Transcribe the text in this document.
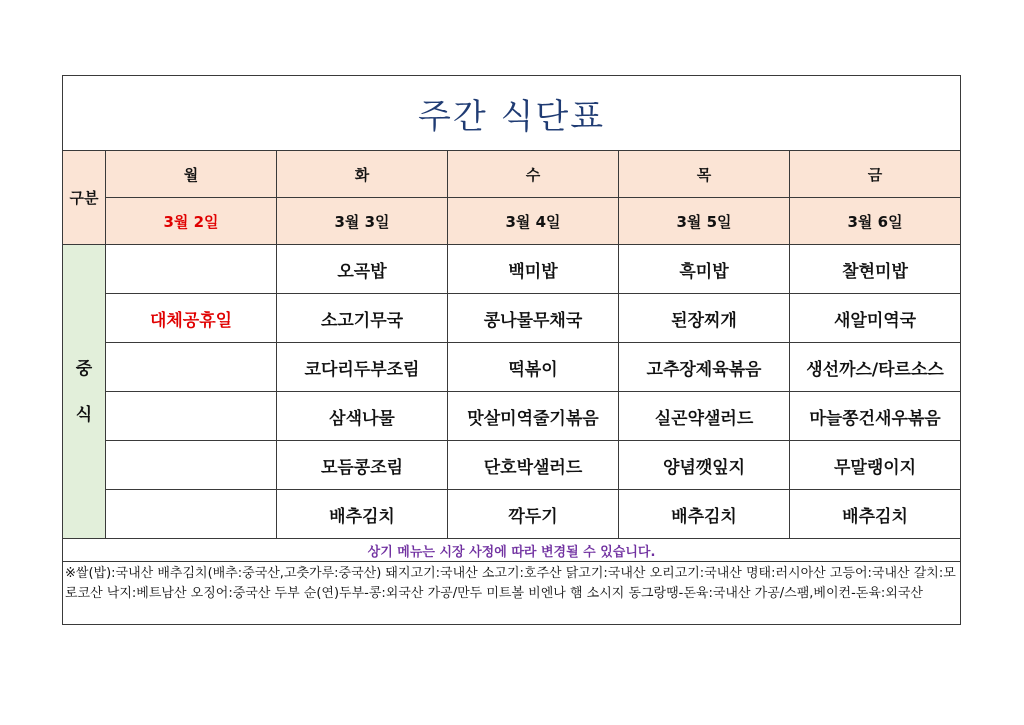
주간 식단표					
구분	월	화	수	목	금
	3월 2일	3월 3일	3월 4일	3월 5일	3월 6일
중
식		오곡밥	백미밥	흑미밥	찰현미밥
	대체공휴일	소고기무국	콩나물무채국	된장찌개	새알미역국
		코다리두부조림	떡볶이	고추장제육볶음	생선까스/타르소스
		삼색나물	맛살미역줄기볶음	실곤약샐러드	마늘쫑건새우볶음
		모듬콩조림	단호박샐러드	양념깻잎지	무말랭이지
		배추김치	깍두기	배추김치	배추김치
상기 메뉴는 시장 사정에 따라 변경될 수 있습니다.					
※쌀(밥):국내산 배추김치(배추:중국산,고춧가루:중국산) 돼지고기:국내산 소고기:호주산 닭고기:국내산 오리고기:국내산 명태:러시아산 고등어:국내산 갈치:모로코산 낙지:베트남산 오징어:중국산 두부 순(연)두부-콩:외국산 가공/만두 미트볼 비엔나 햄 소시지 동그랑땡-돈육:국내산 가공/스팸,베이컨-돈육:외국산					
